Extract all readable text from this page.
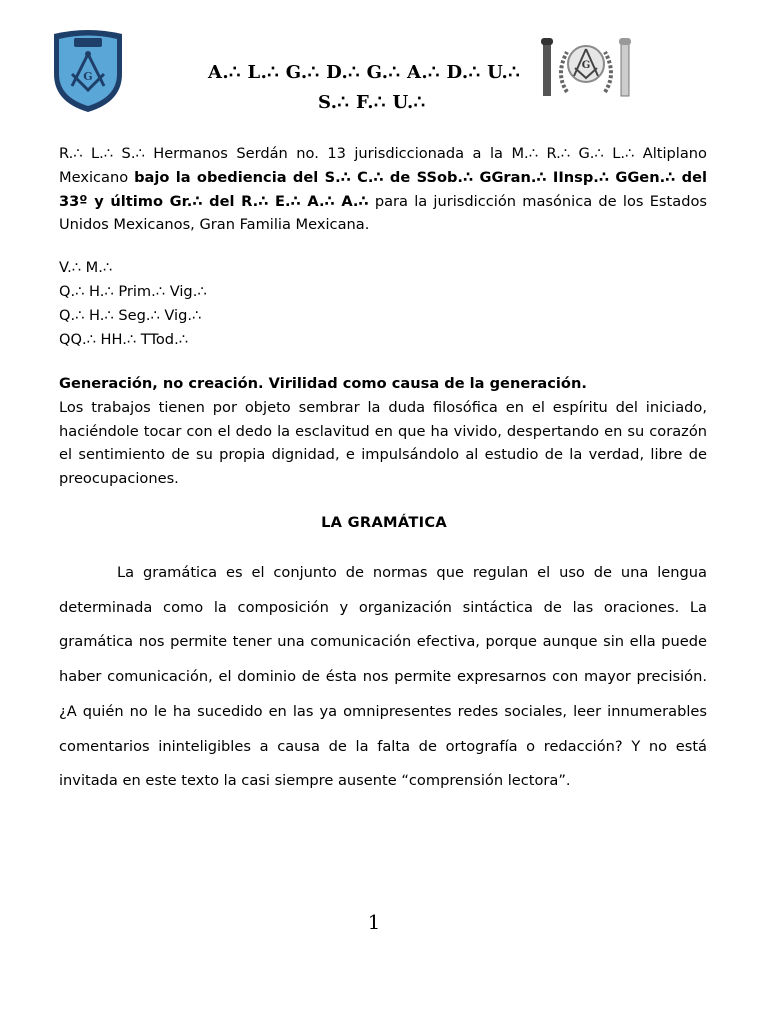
G
G
A.∴ L.∴ G.∴ D.∴ G.∴ A.∴ D.∴ U.∴
S.∴ F.∴ U.∴
R.∴ L.∴ S.∴ Hermanos Serdán no. 13 jurisdiccionada a la M.∴ R.∴ G.∴ L.∴ Altiplano Mexicano bajo la obediencia del S.∴ C.∴ de SSob.∴ GGran.∴ IInsp.∴ GGen.∴ del 33º y último Gr.∴ del R.∴ E.∴ A.∴ A.∴ para la jurisdicción masónica de los Estados Unidos Mexicanos, Gran Familia Mexicana.
V.∴ M.∴
Q.∴ H.∴ Prim.∴ Vig.∴
Q.∴ H.∴ Seg.∴ Vig.∴
QQ.∴ HH.∴ TTod.∴
Generación, no creación. Virilidad como causa de la generación.
Los trabajos tienen por objeto sembrar la duda filosófica en el espíritu del iniciado, haciéndole tocar con el dedo la esclavitud en que ha vivido, despertando en su corazón el sentimiento de su propia dignidad, e impulsándolo al estudio de la verdad, libre de preocupaciones.
LA GRAMÁTICA
La gramática es el conjunto de normas que regulan el uso de una lengua determinada como la composición y organización sintáctica de las oraciones. La gramática nos permite tener una comunicación efectiva, porque aunque sin ella puede haber comunicación, el dominio de ésta nos permite expresarnos con mayor precisión. ¿A quién no le ha sucedido en las ya omnipresentes redes sociales, leer innumerables comentarios ininteligibles a causa de la falta de ortografía o redacción? Y no está invitada en este texto la casi siempre ausente “comprensión lectora”.
1
